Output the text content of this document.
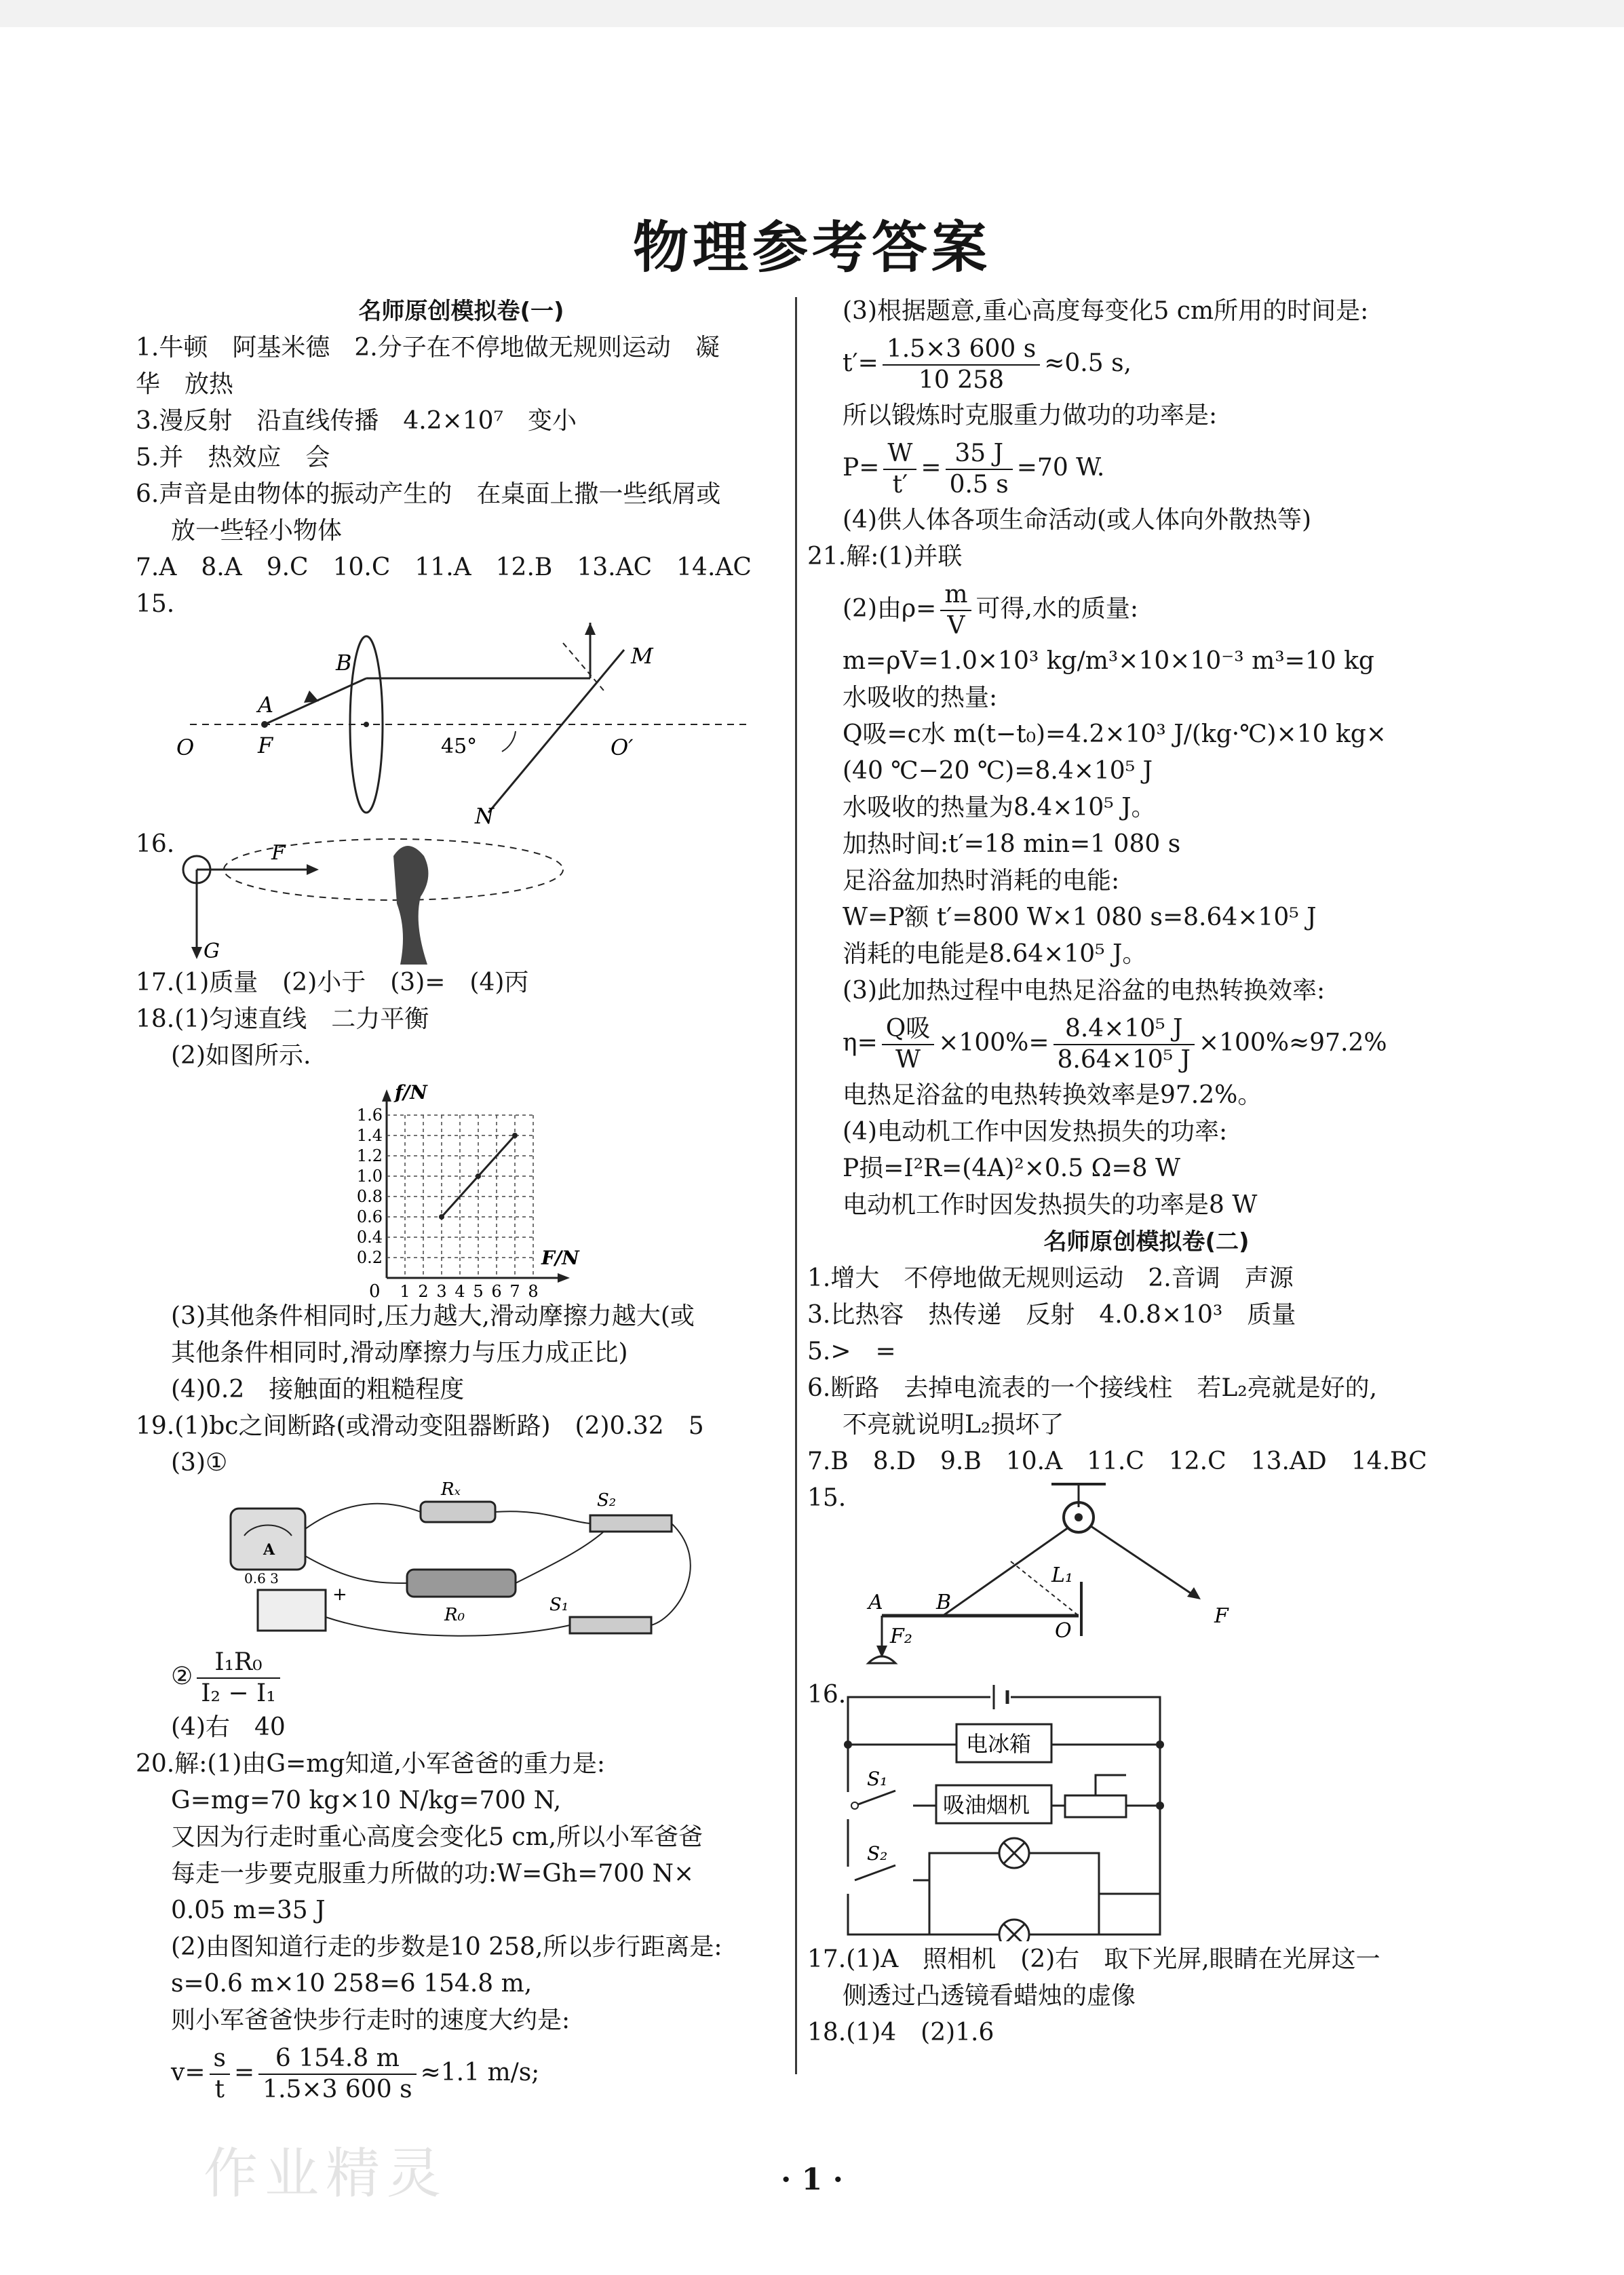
物理参考答案
名师原创模拟卷(一)
1.牛顿　阿基米德　2.分子在不停地做无规则运动　凝
华　放热
3.漫反射　沿直线传播　4.2×10⁷　变小
5.并　热效应　会
6.声音是由物体的振动产生的　在桌面上撒一些纸屑或
放一些轻小物体
7.A　8.A　9.C　10.C　11.A　12.B　13.AC　14.AC
15.
A
F
B
O	O′
M
N
45°
16.	F
G
17.(1)质量　(2)小于　(3)=　(4)丙
18.(1)匀速直线　二力平衡
(2)如图所示.
f/N
F/N
0
1.6
1.4
1.2
1.0
0.8
0.6
0.4
0.2
1 2 3 4 5 6 7 8
(3)其他条件相同时,压力越大,滑动摩擦力越大(或
其他条件相同时,滑动摩擦力与压力成正比)
(4)0.2　接触面的粗糙程度
19.(1)bc之间断路(或滑动变阻器断路)　(2)0.32　5
(3)①
A
0.6 3
+
Rₓ
R₀
S₂
S₁
② $\frac{\text{I₁R₀}}{\text{I₂ − I₁}}$
(4)右　40
20.解:(1)由G=mg知道,小军爸爸的重力是:
G=mg=70 kg×10 N/kg=700 N,
又因为行走时重心高度会变化5 cm,所以小军爸爸
每走一步要克服重力所做的功:W=Gh=700 N×
0.05 m=35 J
(2)由图知道行走的步数是10 258,所以步行距离是:
s=0.6 m×10 258=6 154.8 m,
则小军爸爸快步行走时的速度大约是:
$v= \frac{s}{t} = \frac{6 154.8 m}{1.5\times 3 600 s} \approx 1.1$ m/s;
(3)根据题意,重心高度每变化5 cm所用的时间是:
$t'= \frac{1.5\times 3 600 s}{10 258} \approx 0.5$ s,
所以锻炼时克服重力做功的功率是:
$P= \frac{W}{t'} = \frac{35 J}{0.5 s} =70$ W.
(4)供人体各项生命活动(或人体向外散热等)
21.解:(1)并联
(2)由$\rho= \frac{m}{V}$ 可得,水的质量:
m=ρV=1.0×10³ kg/m³×10×10⁻³ m³=10 kg
水吸收的热量:
Q吸=c水 m(t−t₀)=4.2×10³ J/(kg·℃)×10 kg×
(40 ℃−20 ℃)=8.4×10⁵ J
水吸收的热量为8.4×10⁵ J。
加热时间:t′=18 min=1 080 s
足浴盆加热时消耗的电能:
W=P额 t′=800 W×1 080 s=8.64×10⁵ J
消耗的电能是8.64×10⁵ J。
(3)此加热过程中电热足浴盆的电热转换效率:
$\eta= \frac{\text{Q吸}}{W} \times 100\%= \frac{\text{8.4×10⁵ J}}{\text{8.64×10⁵ J}} \times 100\%\approx 97.2\%$
电热足浴盆的电热转换效率是97.2%。
(4)电动机工作中因发热损失的功率:
P损=I²R=(4A)²×0.5 Ω=8 W
电动机工作时因发热损失的功率是8 W
名师原创模拟卷(二)
1.增大　不停地做无规则运动　2.音调　声源
3.比热容　热传递　反射　4.0.8×10³　质量
5.>　=
6.断路　去掉电流表的一个接线柱　若L₂亮就是好的,
不亮就说明L₂损坏了
7.B　8.D　9.B　10.A　11.C　12.C　13.AD　14.BC
15.
A	B
O
F
F₂
L₁
16.
电冰箱
S₁
吸油烟机
S₂
17.(1)A　照相机　(2)右　取下光屏,眼睛在光屏这一
侧透过凸透镜看蜡烛的虚像
18.(1)4　(2)1.6
作业精灵	· 1 ·
